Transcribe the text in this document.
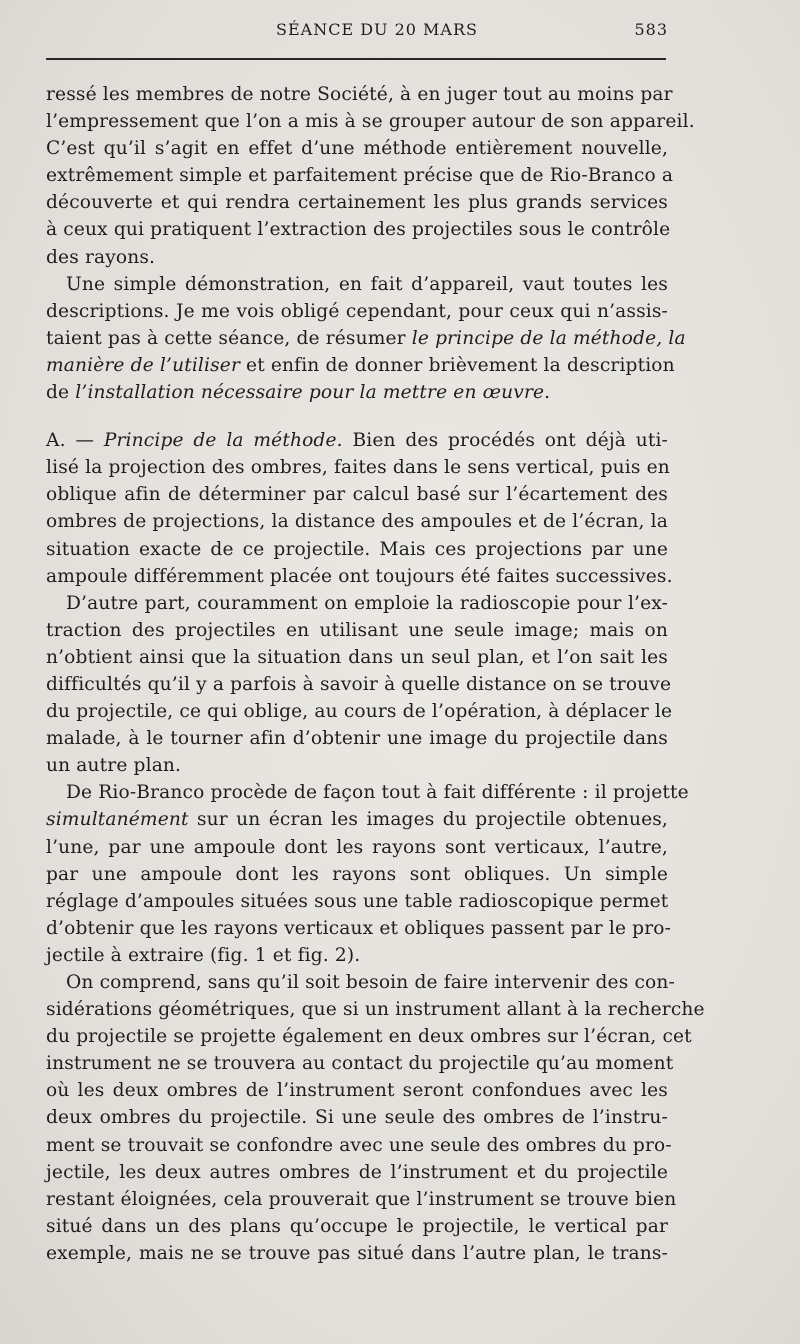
SÉANCE DU 20 MARS	583
ressé les membres de notre Société, à en juger tout au moins par
l’empressement que l’on a mis à se grouper autour de son appareil.
C’est qu’il s’agit en effet d’une méthode entièrement nouvelle,
extrêmement simple et parfaitement précise que de Rio-Branco a
découverte et qui rendra certainement les plus grands services
à ceux qui pratiquent l’extraction des projectiles sous le contrôle
des rayons.
Une simple démonstration, en fait d’appareil, vaut toutes les
descriptions. Je me vois obligé cependant, pour ceux qui n’assis-
taient pas à cette séance, de résumer le principe de la méthode, la
manière de l’utiliser et enfin de donner brièvement la description
de l’installation nécessaire pour la mettre en œuvre.
A. — Principe de la méthode. Bien des procédés ont déjà uti-
lisé la projection des ombres, faites dans le sens vertical, puis en
oblique afin de déterminer par calcul basé sur l’écartement des
ombres de projections, la distance des ampoules et de l’écran, la
situation exacte de ce projectile. Mais ces projections par une
ampoule différemment placée ont toujours été faites successives.
D’autre part, couramment on emploie la radioscopie pour l’ex-
traction des projectiles en utilisant une seule image; mais on
n’obtient ainsi que la situation dans un seul plan, et l’on sait les
difficultés qu’il y a parfois à savoir à quelle distance on se trouve
du projectile, ce qui oblige, au cours de l’opération, à déplacer le
malade, à le tourner afin d’obtenir une image du projectile dans
un autre plan.
De Rio-Branco procède de façon tout à fait différente : il projette
simultanément sur un écran les images du projectile obtenues,
l’une, par une ampoule dont les rayons sont verticaux, l’autre,
par une ampoule dont les rayons sont obliques. Un simple
réglage d’ampoules situées sous une table radioscopique permet
d’obtenir que les rayons verticaux et obliques passent par le pro-
jectile à extraire (fig. 1 et fig. 2).
On comprend, sans qu’il soit besoin de faire intervenir des con-
sidérations géométriques, que si un instrument allant à la recherche
du projectile se projette également en deux ombres sur l’écran, cet
instrument ne se trouvera au contact du projectile qu’au moment
où les deux ombres de l’instrument seront confondues avec les
deux ombres du projectile. Si une seule des ombres de l’instru-
ment se trouvait se confondre avec une seule des ombres du pro-
jectile, les deux autres ombres de l’instrument et du projectile
restant éloignées, cela prouverait que l’instrument se trouve bien
situé dans un des plans qu’occupe le projectile, le vertical par
exemple, mais ne se trouve pas situé dans l’autre plan, le trans-
